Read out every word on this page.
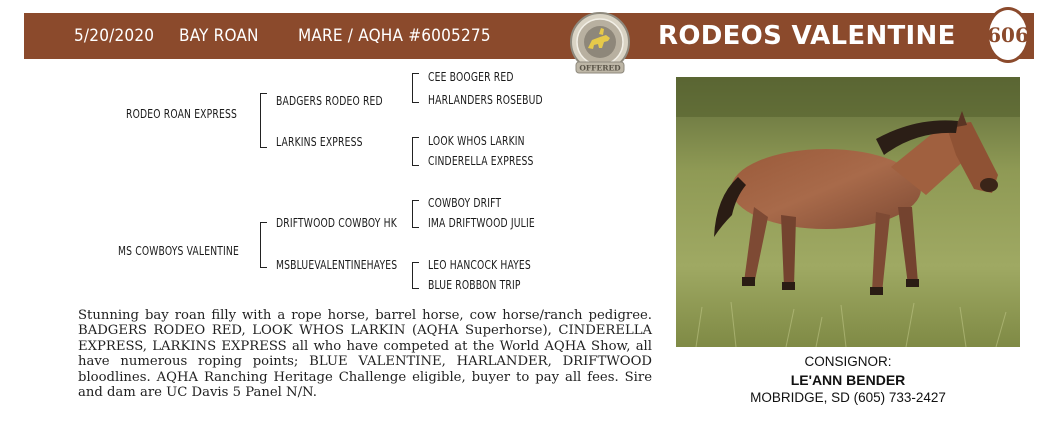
5/20/2020 BAY ROAN MARE / AQHA #6005275	RODEOS VALENTINE 606
OFFERED
RODEO ROAN EXPRESS
BADGERS RODEO RED
LARKINS EXPRESS
CEE BOOGER RED
HARLANDERS ROSEBUD
LOOK WHOS LARKIN
CINDERELLA EXPRESS
MS COWBOYS VALENTINE
DRIFTWOOD COWBOY HK
MSBLUEVALENTINEHAYES
COWBOY DRIFT
IMA DRIFTWOOD JULIE
LEO HANCOCK HAYES
BLUE ROBBON TRIP
Stunning bay roan filly with a rope horse, barrel horse, cow horse/ranch pedigree. BADGERS RODEO RED, LOOK WHOS LARKIN (AQHA Superhorse), CINDERELLA EXPRESS, LARKINS EXPRESS all who have competed at the World AQHA Show, all have numerous roping points; BLUE VALENTINE, HARLANDER, DRIFTWOOD bloodlines. AQHA Ranching Heritage Challenge eligible, buyer to pay all fees. Sire and dam are UC Davis 5 Panel N/N.
CONSIGNOR:
LE'ANN BENDER
MOBRIDGE, SD (605) 733-2427
